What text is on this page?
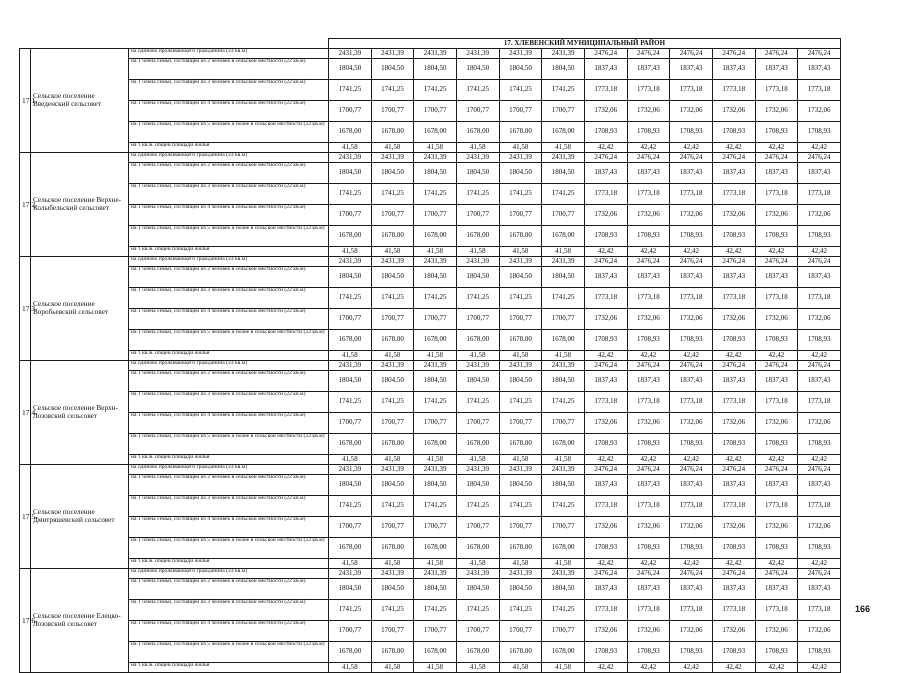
			17. ХЛЕВЕНСКИЙ МУНИЦИПАЛЬНЫЙ РАЙОН											
17.1.	Сельское поселение Введенский сельсовет	на одиноко проживающего гражданина (33 кв.м)	2431,39	2431,39	2431,39	2431,39	2431,39	2431,39	2476,24	2476,24	2476,24	2476,24	2476,24	2476,24
		на 1 члена семьи, состоящей из 2 человек в сельской местности (22 кв.м)	1804,50	1804,50	1804,50	1804,50	1804,50	1804,50	1837,43	1837,43	1837,43	1837,43	1837,43	1837,43
		на 1 члена семьи, состоящей из 3 человек в сельской местности (22 кв.м)	1741,25	1741,25	1741,25	1741,25	1741,25	1741,25	1773,18	1773,18	1773,18	1773,18	1773,18	1773,18
		на 1 члена семьи, состоящей из 4 человек в сельской местности (22 кв.м)	1700,77	1700,77	1700,77	1700,77	1700,77	1700,77	1732,06	1732,06	1732,06	1732,06	1732,06	1732,06
		на 1 члена семьи, состоящей из 5 человек и более в сельской местности (22 кв.м)	1678,00	1678,00	1678,00	1678,00	1678,00	1678,00	1708,93	1708,93	1708,93	1708,93	1708,93	1708,93
		на 1 кв.м. общей площади жилья	41,58	41,58	41,58	41,58	41,58	41,58	42,42	42,42	42,42	42,42	42,42	42,42
17.2.	Сельское поселение Верхне-Колыбельский сельсовет	на одиноко проживающего гражданина (33 кв.м)	2431,39	2431,39	2431,39	2431,39	2431,39	2431,39	2476,24	2476,24	2476,24	2476,24	2476,24	2476,24
		на 1 члена семьи, состоящей из 2 человек в сельской местности (22 кв.м)	1804,50	1804,50	1804,50	1804,50	1804,50	1804,50	1837,43	1837,43	1837,43	1837,43	1837,43	1837,43
		на 1 члена семьи, состоящей из 3 человек в сельской местности (22 кв.м)	1741,25	1741,25	1741,25	1741,25	1741,25	1741,25	1773,18	1773,18	1773,18	1773,18	1773,18	1773,18
		на 1 члена семьи, состоящей из 4 человек в сельской местности (22 кв.м)	1700,77	1700,77	1700,77	1700,77	1700,77	1700,77	1732,06	1732,06	1732,06	1732,06	1732,06	1732,06
		на 1 члена семьи, состоящей из 5 человек и более в сельской местности (22 кв.м)	1678,00	1678,00	1678,00	1678,00	1678,00	1678,00	1708,93	1708,93	1708,93	1708,93	1708,93	1708,93
		на 1 кв.м. общей площади жилья	41,58	41,58	41,58	41,58	41,58	41,58	42,42	42,42	42,42	42,42	42,42	42,42
17.3.	Сельское поселение Воробьевский сельсовет	на одиноко проживающего гражданина (33 кв.м)	2431,39	2431,39	2431,39	2431,39	2431,39	2431,39	2476,24	2476,24	2476,24	2476,24	2476,24	2476,24
		на 1 члена семьи, состоящей из 2 человек в сельской местности (22 кв.м)	1804,50	1804,50	1804,50	1804,50	1804,50	1804,50	1837,43	1837,43	1837,43	1837,43	1837,43	1837,43
		на 1 члена семьи, состоящей из 3 человек в сельской местности (22 кв.м)	1741,25	1741,25	1741,25	1741,25	1741,25	1741,25	1773,18	1773,18	1773,18	1773,18	1773,18	1773,18
		на 1 члена семьи, состоящей из 4 человек в сельской местности (22 кв.м)	1700,77	1700,77	1700,77	1700,77	1700,77	1700,77	1732,06	1732,06	1732,06	1732,06	1732,06	1732,06
		на 1 члена семьи, состоящей из 5 человек и более в сельской местности (22 кв.м)	1678,00	1678,00	1678,00	1678,00	1678,00	1678,00	1708,93	1708,93	1708,93	1708,93	1708,93	1708,93
		на 1 кв.м. общей площади жилья	41,58	41,58	41,58	41,58	41,58	41,58	42,42	42,42	42,42	42,42	42,42	42,42
17.4.	Сельское поселение Верхн-Лозовский сельсовет	на одиноко проживающего гражданина (33 кв.м)	2431,39	2431,39	2431,39	2431,39	2431,39	2431,39	2476,24	2476,24	2476,24	2476,24	2476,24	2476,24
		на 1 члена семьи, состоящей из 2 человек в сельской местности (22 кв.м)	1804,50	1804,50	1804,50	1804,50	1804,50	1804,50	1837,43	1837,43	1837,43	1837,43	1837,43	1837,43
		на 1 члена семьи, состоящей из 3 человек в сельской местности (22 кв.м)	1741,25	1741,25	1741,25	1741,25	1741,25	1741,25	1773,18	1773,18	1773,18	1773,18	1773,18	1773,18
		на 1 члена семьи, состоящей из 4 человек в сельской местности (22 кв.м)	1700,77	1700,77	1700,77	1700,77	1700,77	1700,77	1732,06	1732,06	1732,06	1732,06	1732,06	1732,06
		на 1 члена семьи, состоящей из 5 человек и более в сельской местности (22 кв.м)	1678,00	1678,00	1678,00	1678,00	1678,00	1678,00	1708,93	1708,93	1708,93	1708,93	1708,93	1708,93
		на 1 кв.м. общей площади жилья	41,58	41,58	41,58	41,58	41,58	41,58	42,42	42,42	42,42	42,42	42,42	42,42
17.5.	Сельское поселение Дмитряшевский сельсовет	на одиноко проживающего гражданина (33 кв.м)	2431,39	2431,39	2431,39	2431,39	2431,39	2431,39	2476,24	2476,24	2476,24	2476,24	2476,24	2476,24
		на 1 члена семьи, состоящей из 2 человек в сельской местности (22 кв.м)	1804,50	1804,50	1804,50	1804,50	1804,50	1804,50	1837,43	1837,43	1837,43	1837,43	1837,43	1837,43
		на 1 члена семьи, состоящей из 3 человек в сельской местности (22 кв.м)	1741,25	1741,25	1741,25	1741,25	1741,25	1741,25	1773,18	1773,18	1773,18	1773,18	1773,18	1773,18
		на 1 члена семьи, состоящей из 4 человек в сельской местности (22 кв.м)	1700,77	1700,77	1700,77	1700,77	1700,77	1700,77	1732,06	1732,06	1732,06	1732,06	1732,06	1732,06
		на 1 члена семьи, состоящей из 5 человек и более в сельской местности (22 кв.м)	1678,00	1678,00	1678,00	1678,00	1678,00	1678,00	1708,93	1708,93	1708,93	1708,93	1708,93	1708,93
		на 1 кв.м. общей площади жилья	41,58	41,58	41,58	41,58	41,58	41,58	42,42	42,42	42,42	42,42	42,42	42,42
17.6.	Сельское поселение Елецко-Лозовский сельсовет	на одиноко проживающего гражданина (33 кв.м)	2431,39	2431,39	2431,39	2431,39	2431,39	2431,39	2476,24	2476,24	2476,24	2476,24	2476,24	2476,24
		на 1 члена семьи, состоящей из 2 человек в сельской местности (22 кв.м)	1804,50	1804,50	1804,50	1804,50	1804,50	1804,50	1837,43	1837,43	1837,43	1837,43	1837,43	1837,43
		на 1 члена семьи, состоящей из 3 человек в сельской местности (22 кв.м)	1741,25	1741,25	1741,25	1741,25	1741,25	1741,25	1773,18	1773,18	1773,18	1773,18	1773,18	1773,18
		на 1 члена семьи, состоящей из 4 человек в сельской местности (22 кв.м)	1700,77	1700,77	1700,77	1700,77	1700,77	1700,77	1732,06	1732,06	1732,06	1732,06	1732,06	1732,06
		на 1 члена семьи, состоящей из 5 человек и более в сельской местности (22 кв.м)	1678,00	1678,00	1678,00	1678,00	1678,00	1678,00	1708,93	1708,93	1708,93	1708,93	1708,93	1708,93
		на 1 кв.м. общей площади жилья	41,58	41,58	41,58	41,58	41,58	41,58	42,42	42,42	42,42	42,42	42,42	42,42
166
